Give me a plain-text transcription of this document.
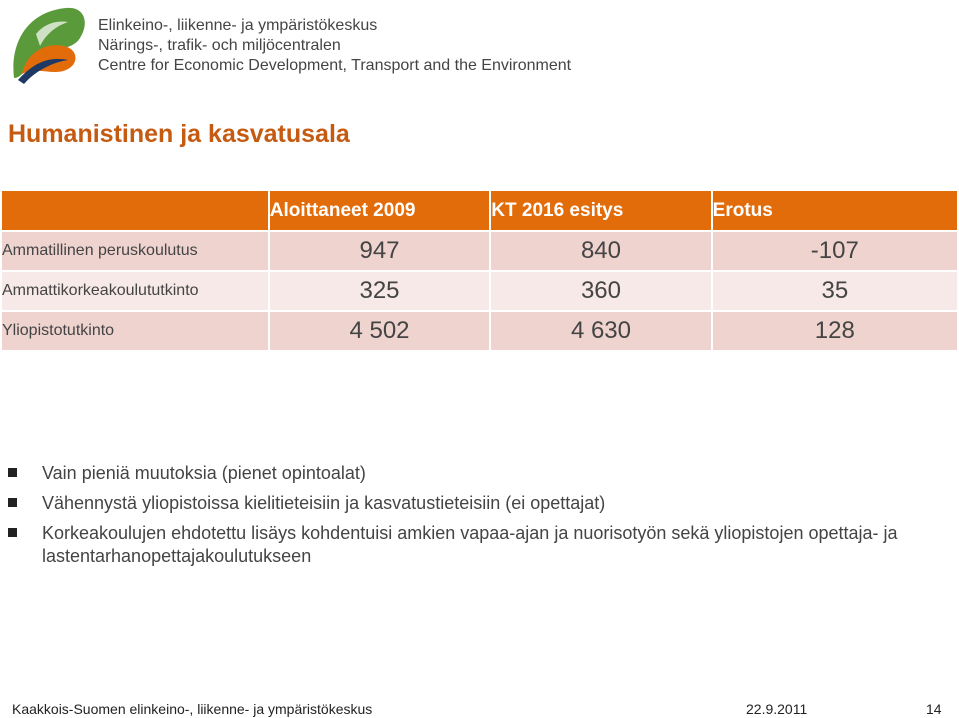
Elinkeino-, liikenne- ja ympäristökeskus
Närings-, trafik- och miljöcentralen
Centre for Economic Development, Transport and the Environment
Humanistinen ja kasvatusala
	Aloittaneet 2009	KT 2016 esitys	Erotus
Ammatillinen peruskoulutus	947	840	-107
Ammattikorkeakoulututkinto	325	360	35
Yliopistotutkinto	4 502	4 630	128
Vain pieniä muutoksia (pienet opintoalat)
Vähennystä yliopistoissa kielitieteisiin ja kasvatustieteisiin (ei opettajat)
Korkeakoulujen ehdotettu lisäys kohdentuisi amkien vapaa-ajan ja nuorisotyön sekä yliopistojen opettaja- ja lastentarhanopettajakoulutukseen
Kaakkois-Suomen elinkeino-, liikenne- ja ympäristökeskus	22.9.2011	14
